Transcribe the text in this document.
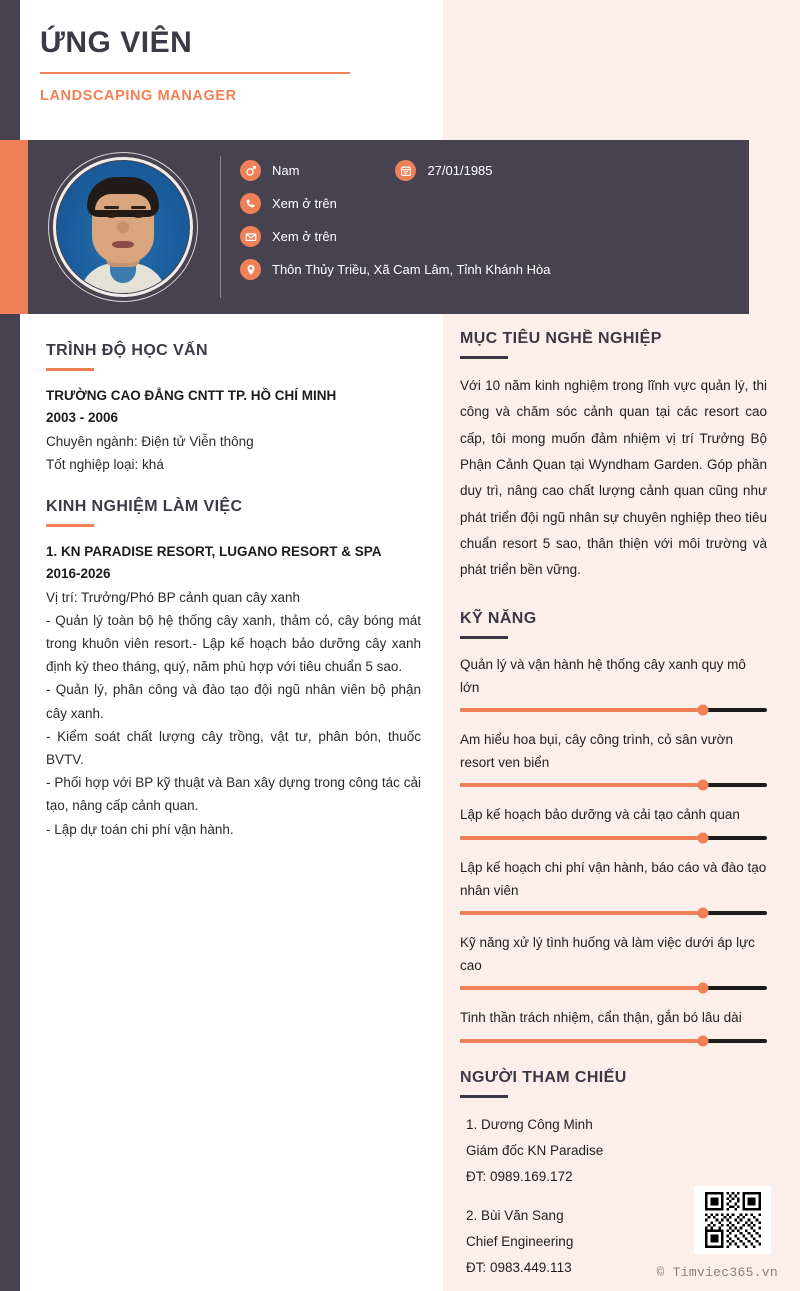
ỨNG VIÊN
LANDSCAPING MANAGER
Nam	27/01/1985
Xem ở trên
Xem ở trên
Thôn Thủy Triều, Xã Cam Lâm, Tỉnh Khánh Hòa
TRÌNH ĐỘ HỌC VẤN
TRƯỜNG CAO ĐẲNG CNTT TP. HỒ CHÍ MINH
2003 - 2006
Chuyên ngành: Điện tử Viễn thông
Tốt nghiệp loại: khá
KINH NGHIỆM LÀM VIỆC
1. KN PARADISE RESORT, LUGANO RESORT & SPA
2016-2026
Vị trí: Trưởng/Phó BP cảnh quan cây xanh
- Quản lý toàn bộ hệ thống cây xanh, thảm cỏ, cây bóng mát trong khuôn viên resort.- Lập kế hoạch bảo dưỡng cây xanh định kỳ theo tháng, quý, năm phù hợp với tiêu chuẩn 5 sao.
- Quản lý, phân công và đào tạo đội ngũ nhân viên bộ phận cây xanh.
- Kiểm soát chất lượng cây trồng, vật tư, phân bón, thuốc BVTV.
- Phối hợp với BP kỹ thuật và Ban xây dựng trong công tác cải tạo, nâng cấp cảnh quan.
- Lập dự toán chi phí vận hành.
MỤC TIÊU NGHỀ NGHIỆP
Với 10 năm kinh nghiệm trong lĩnh vực quản lý, thi công và chăm sóc cảnh quan tại các resort cao cấp, tôi mong muốn đảm nhiệm vị trí Trưởng Bộ Phận Cảnh Quan tại Wyndham Garden. Góp phần duy trì, nâng cao chất lượng cảnh quan cũng như phát triển đội ngũ nhân sự chuyên nghiệp theo tiêu chuẩn resort 5 sao, thân thiện với môi trường và phát triển bền vững.
KỸ NĂNG
Quản lý và vận hành hệ thống cây xanh quy mô lớn
Am hiểu hoa bụi, cây công trình, cỏ sân vườn resort ven biển
Lập kế hoạch bảo dưỡng và cải tạo cảnh quan
Lập kế hoạch chi phí vận hành, báo cáo và đào tạo nhân viên
Kỹ năng xử lý tình huống và làm việc dưới áp lực cao
Tinh thần trách nhiệm, cẩn thận, gắn bó lâu dài
NGƯỜI THAM CHIẾU
1. Dương Công Minh
Giám đốc KN Paradise
ĐT: 0989.169.172
2. Bùi Văn Sang
Chief Engineering
ĐT: 0983.449.113	© Timviec365.vn
